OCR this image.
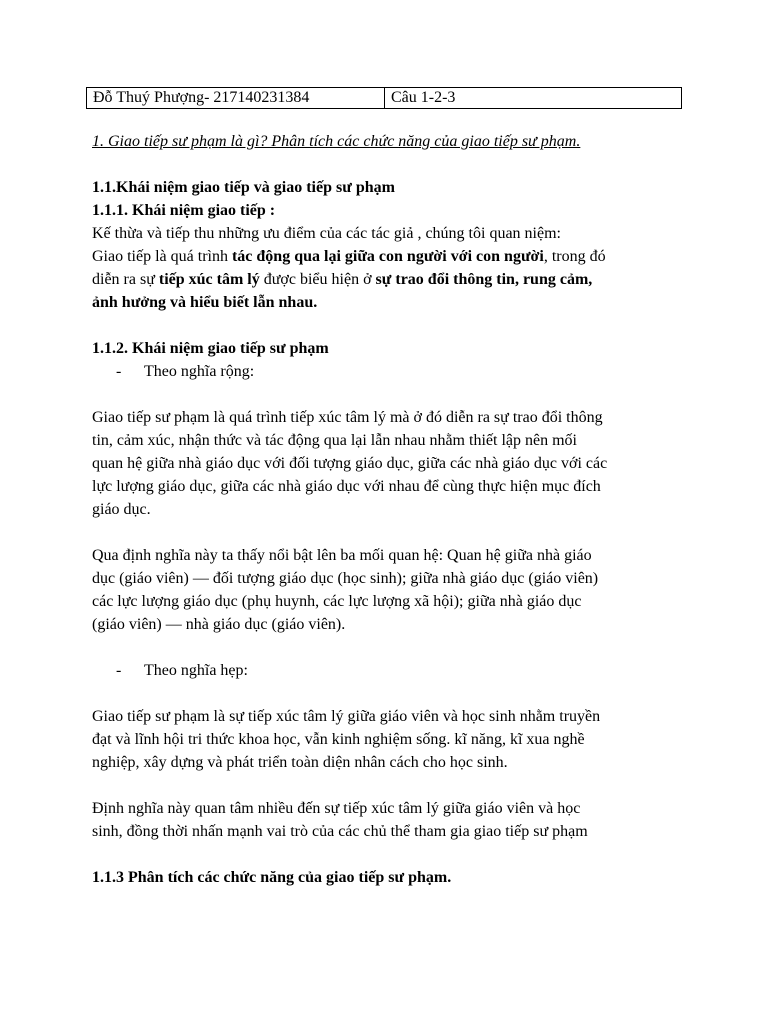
Đỗ Thuý Phượng- 217140231384	Câu 1-2-3
1. Giao tiếp sư phạm là gì? Phân tích các chức năng của giao tiếp sư phạm.
1.1.Khái niệm giao tiếp và giao tiếp sư phạm
1.1.1. Khái niệm giao tiếp :
Kế thừa và tiếp thu những ưu điểm của các tác giả , chúng tôi quan niệm:
Giao tiếp là quá trình tác động qua lại giữa con người với con người, trong đó
diễn ra sự tiếp xúc tâm lý được biểu hiện ở sự trao đổi thông tin, rung cảm,
ảnh hưởng và hiểu biết lẫn nhau.
1.1.2. Khái niệm giao tiếp sư phạm
- Theo nghĩa rộng:
Giao tiếp sư phạm là quá trình tiếp xúc tâm lý mà ở đó diễn ra sự trao đổi thông
tin, cảm xúc, nhận thức và tác động qua lại lẫn nhau nhằm thiết lập nên mối
quan hệ giữa nhà giáo dục với đối tượng giáo dục, giữa các nhà giáo dục với các
lực lượng giáo dục, giữa các nhà giáo dục với nhau để cùng thực hiện mục đích
giáo dục.
Qua định nghĩa này ta thấy nổi bật lên ba mối quan hệ: Quan hệ giữa nhà giáo
dục (giáo viên) — đối tượng giáo dục (học sinh); giữa nhà giáo dục (giáo viên)
các lực lượng giáo dục (phụ huynh, các lực lượng xã hội); giữa nhà giáo dục
(giáo viên) — nhà giáo dục (giáo viên).
- Theo nghĩa hẹp:
Giao tiếp sư phạm là sự tiếp xúc tâm lý giữa giáo viên và học sinh nhằm truyền
đạt và lĩnh hội tri thức khoa học, vẫn kinh nghiệm sống. kĩ năng, kĩ xua nghề
nghiệp, xây dựng và phát triển toàn diện nhân cách cho học sinh.
Định nghĩa này quan tâm nhiều đến sự tiếp xúc tâm lý giữa giáo viên và học
sinh, đồng thời nhấn mạnh vai trò của các chủ thể tham gia giao tiếp sư phạm
1.1.3 Phân tích các chức năng của giao tiếp sư phạm.
